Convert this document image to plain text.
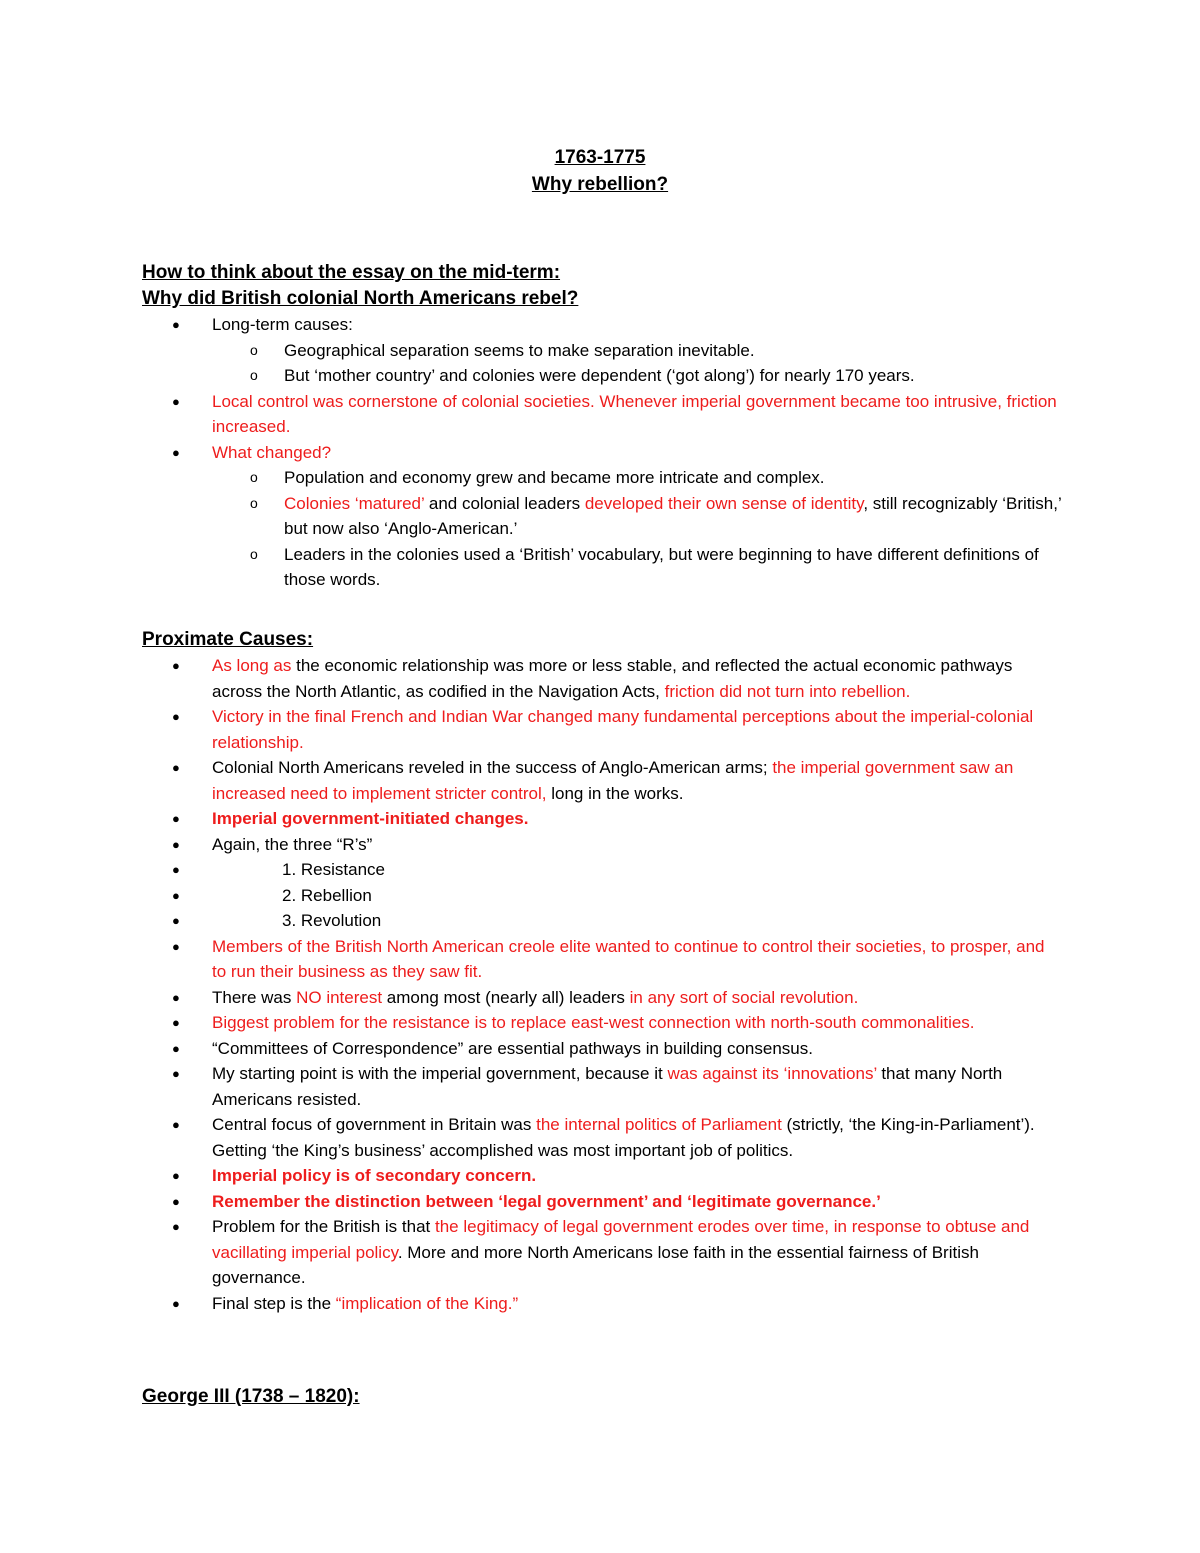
1763-1775
Why rebellion?

How to think about the essay on the mid-term:

Why did British colonial North Americans rebel?

● Long-term causes:
o Geographical separation seems to make separation inevitable.
o But ‘mother country’ and colonies were dependent (‘got along’) for nearly 170 years.
● Local control was cornerstone of colonial societies. Whenever imperial government became too intrusive, friction increased.
● What changed?
o Population and economy grew and became more intricate and complex.
o Colonies ‘matured’ and colonial leaders developed their own sense of identity, still recognizably ‘British,’ but now also ‘Anglo-American.’
o Leaders in the colonies used a ‘British’ vocabulary, but were beginning to have different definitions of those words.

Proximate Causes:

● As long as the economic relationship was more or less stable, and reflected the actual economic pathways across the North Atlantic, as codified in the Navigation Acts, friction did not turn into rebellion.
● Victory in the final French and Indian War changed many fundamental perceptions about the imperial-colonial relationship.
● Colonial North Americans reveled in the success of Anglo-American arms; the imperial government saw an increased need to implement stricter control, long in the works.
● Imperial government-initiated changes.
● Again, the three “R’s”
●	1. Resistance
●	2. Rebellion
●	3. Revolution
● Members of the British North American creole elite wanted to continue to control their societies, to prosper, and to run their business as they saw fit.
● There was NO interest among most (nearly all) leaders in any sort of social revolution.
● Biggest problem for the resistance is to replace east-west connection with north-south commonalities.
● “Committees of Correspondence” are essential pathways in building consensus.
● My starting point is with the imperial government, because it was against its ‘innovations’ that many North Americans resisted.
● Central focus of government in Britain was the internal politics of Parliament (strictly, ‘the King-in-Parliament’). Getting ‘the King’s business’ accomplished was most important job of politics.
● Imperial policy is of secondary concern.
● Remember the distinction between ‘legal government’ and ‘legitimate governance.’
● Problem for the British is that the legitimacy of legal government erodes over time, in response to obtuse and vacillating imperial policy. More and more North Americans lose faith in the essential fairness of British governance.
● Final step is the “implication of the King.”

George III (1738 – 1820):
